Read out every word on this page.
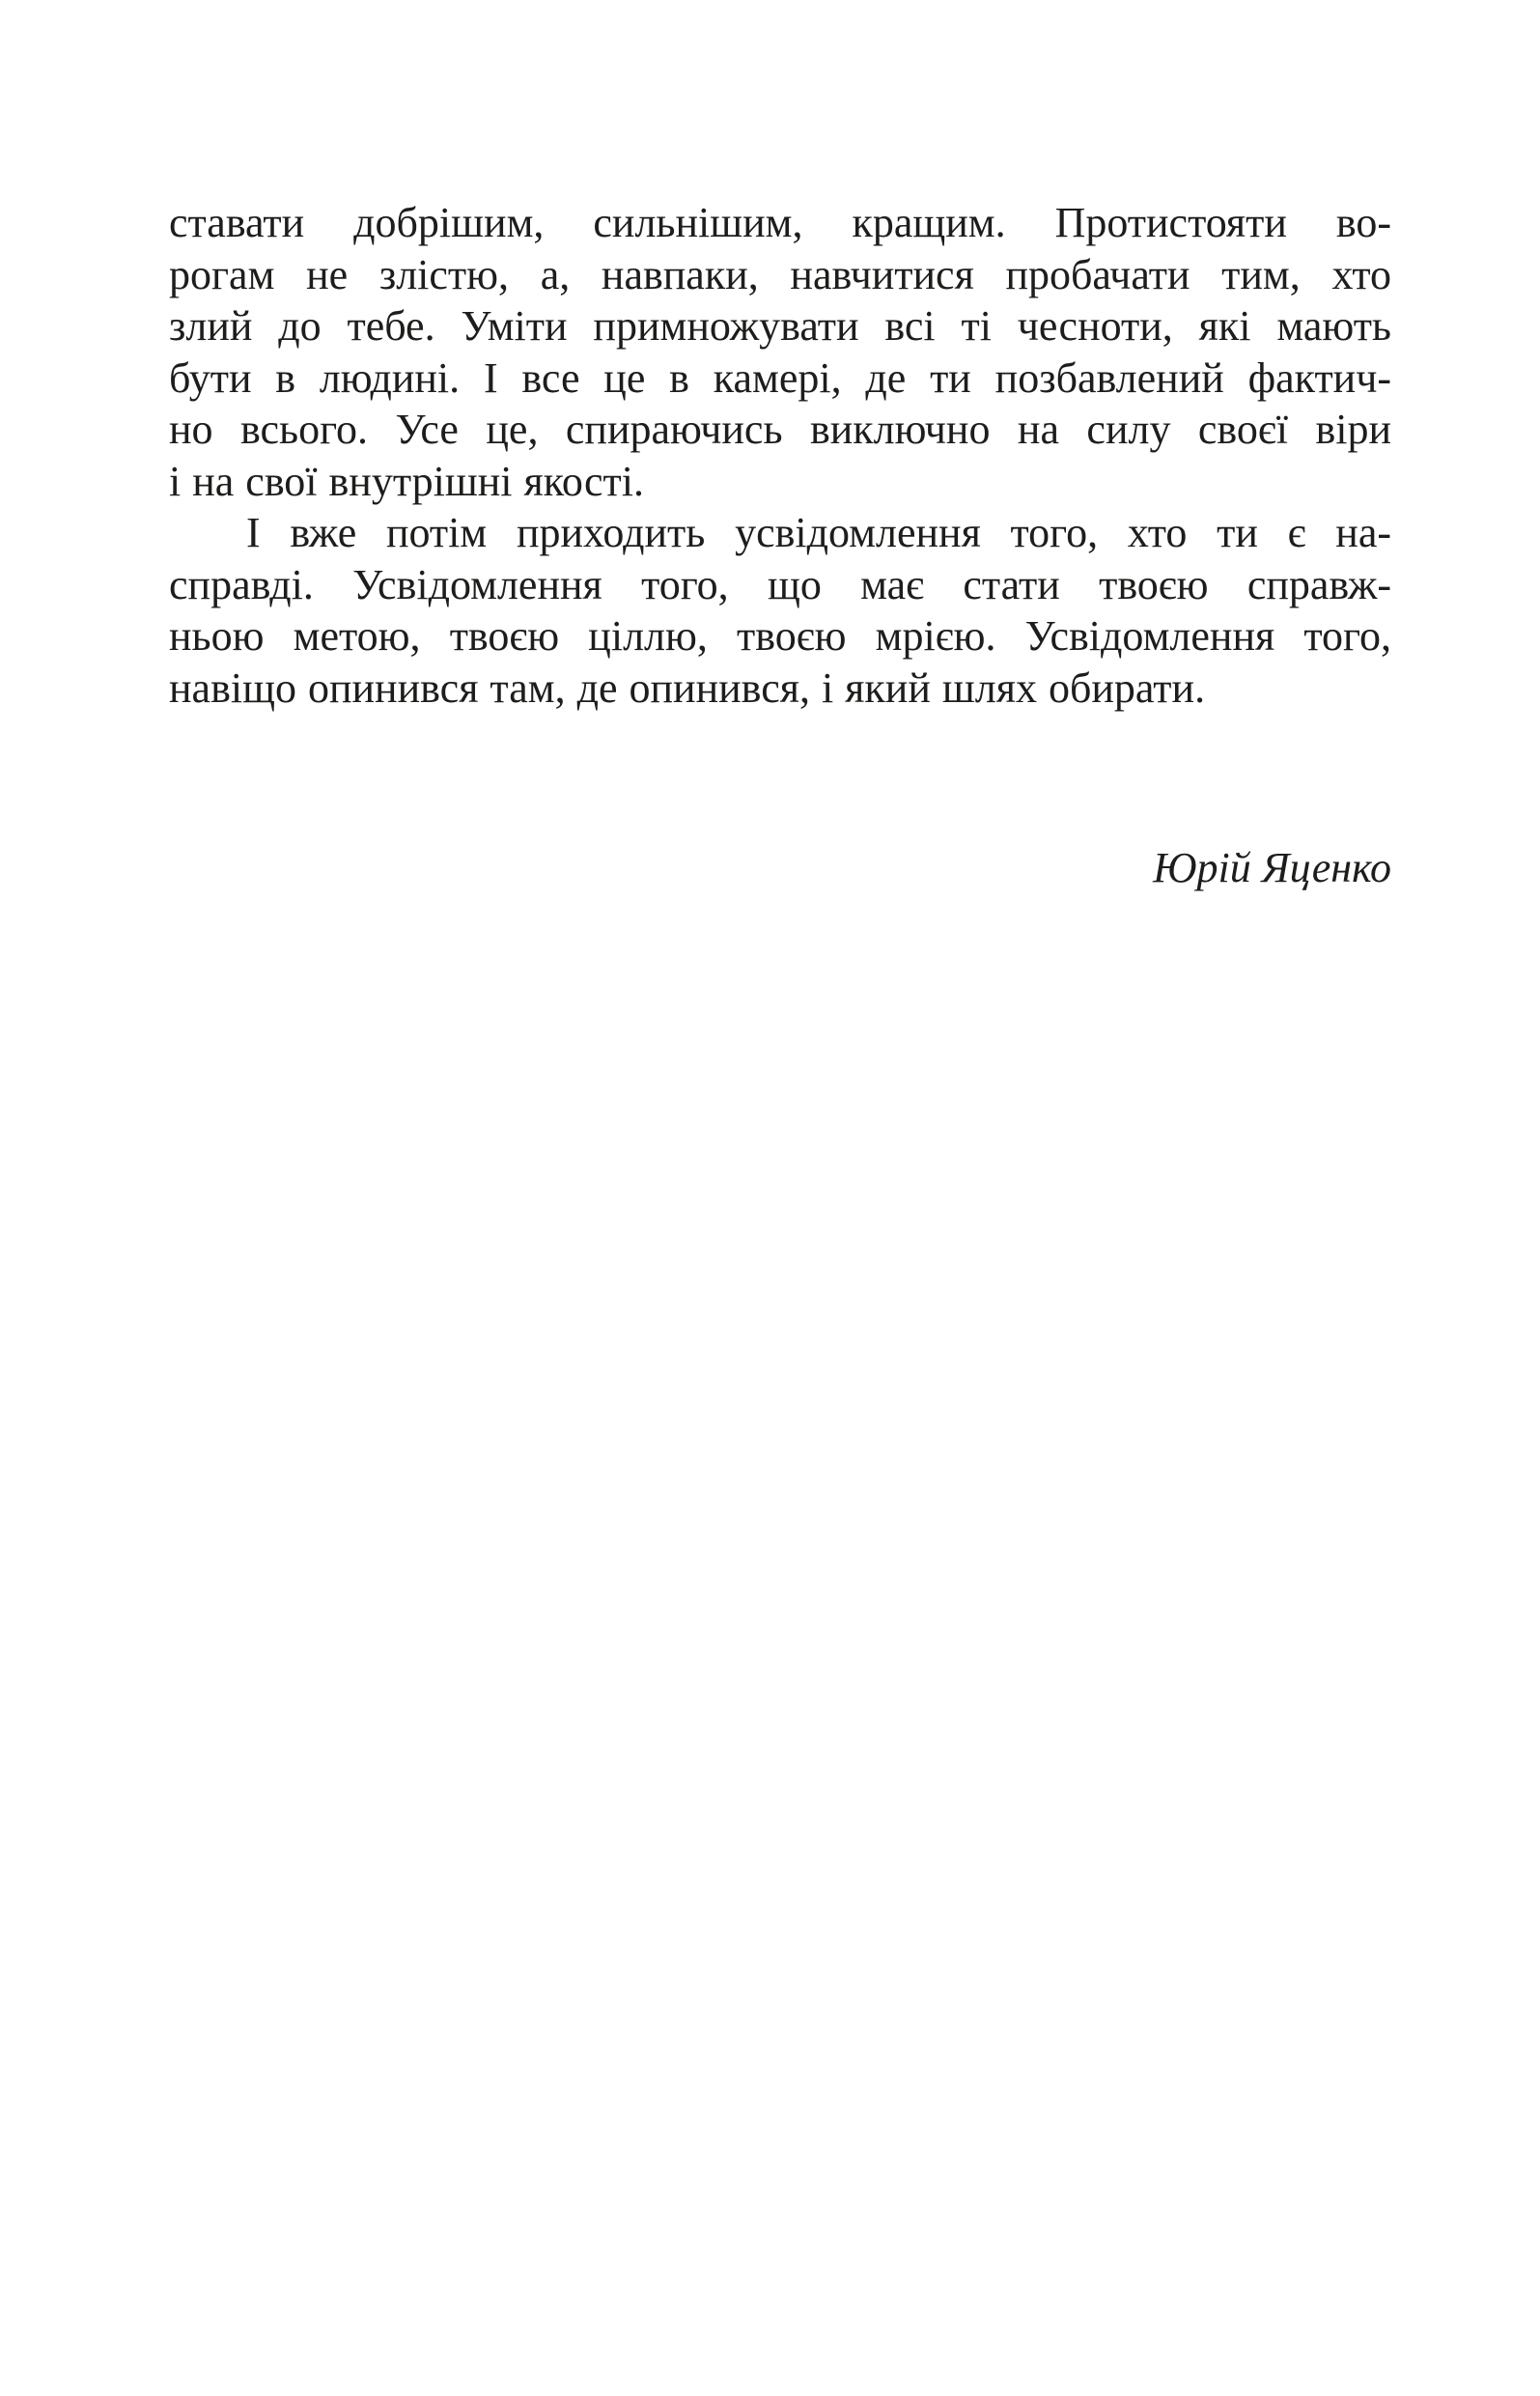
ставати добрішим, сильнішим, кращим. Протистояти во-
рогам не злістю, а, навпаки, навчитися пробачати тим, хто
злий до тебе. Уміти примножувати всі ті чесноти, які мають
бути в людині. І все це в камері, де ти позбавлений фактич-
но всього. Усе це, спираючись виключно на силу своєї віри
і на свої внутрішні якості.
І вже потім приходить усвідомлення того, хто ти є на-
справді. Усвідомлення того, що має стати твоєю справж-
ньою метою, твоєю ціллю, твоєю мрією. Усвідомлення того,
навіщо опинився там, де опинився, і який шлях обирати.
Юрій Яценко
